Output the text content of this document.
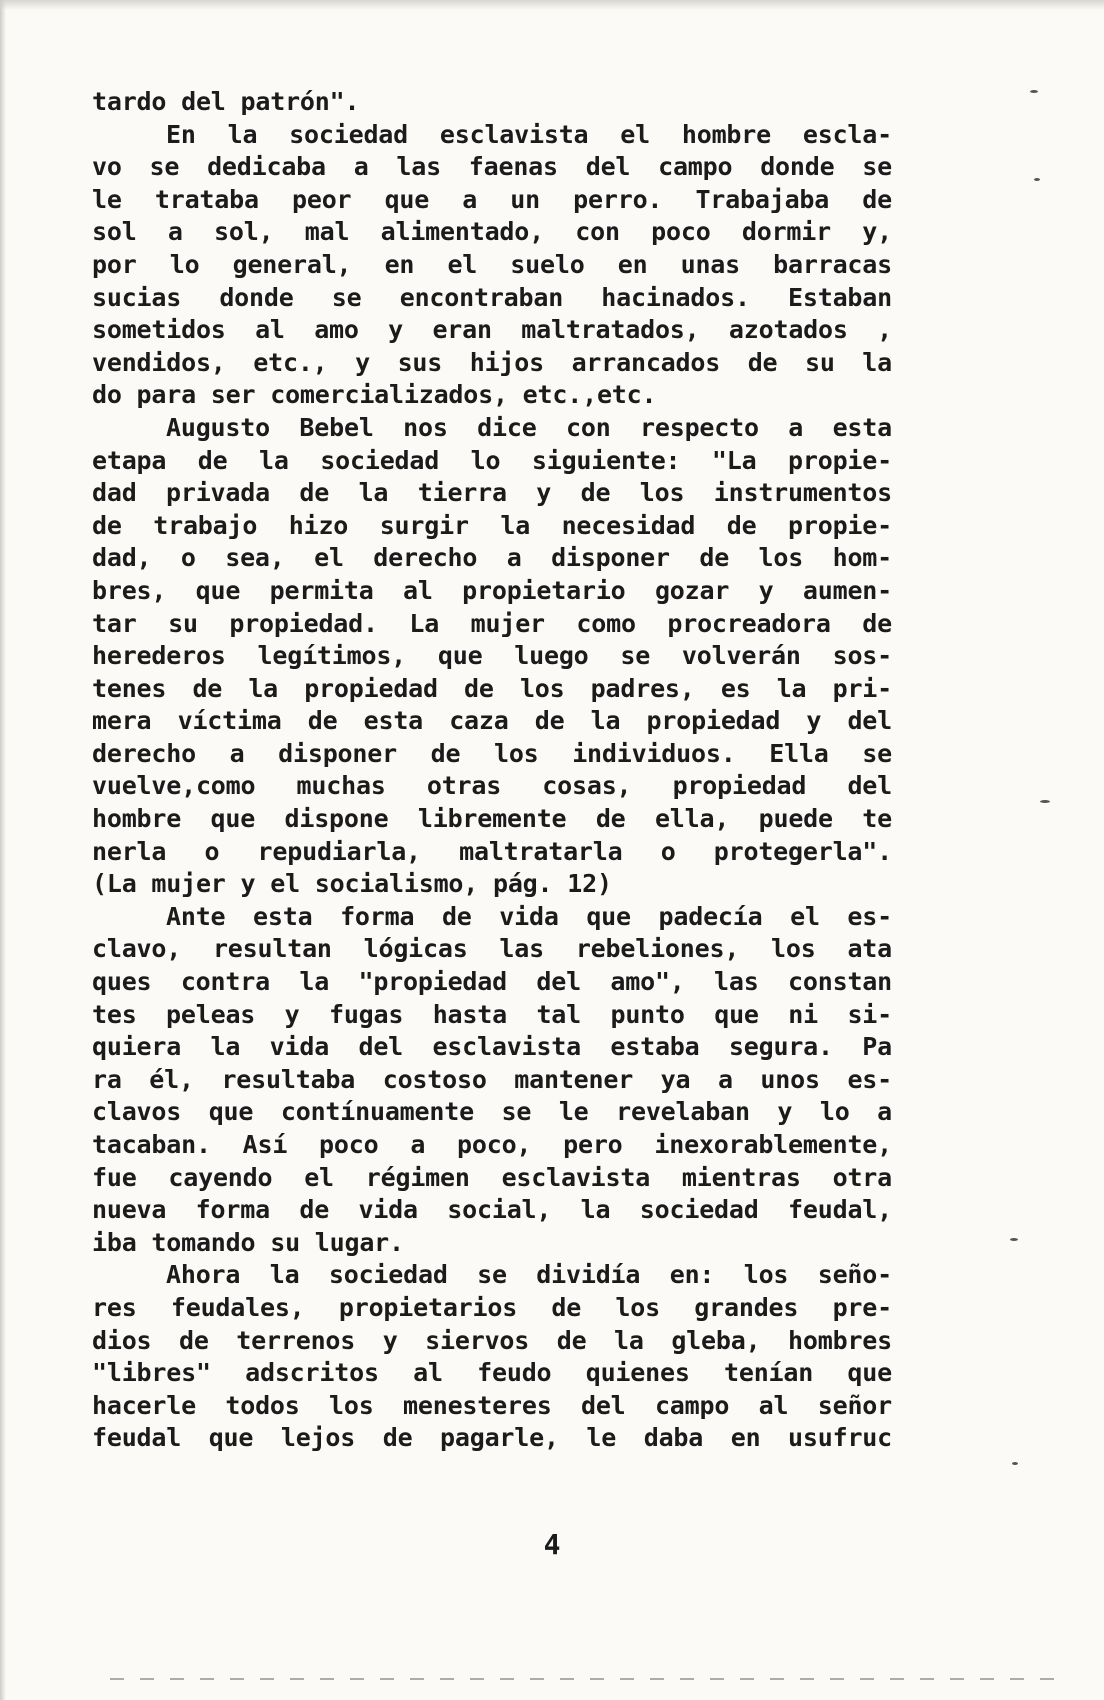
tardo del patrón".
En la sociedad esclavista el hombre escla-
vo se dedicaba a las faenas del campo donde se
le trataba peor que a un perro. Trabajaba de
sol a sol, mal alimentado, con poco dormir y,
por lo general, en el suelo en unas barracas
sucias donde se encontraban hacinados. Estaban
sometidos al amo y eran maltratados, azotados ,
vendidos, etc., y sus hijos arrancados de su la
do para ser comercializados, etc.,etc.
Augusto Bebel nos dice con respecto a esta
etapa de la sociedad lo siguiente: "La propie-
dad privada de la tierra y de los instrumentos
de trabajo hizo surgir la necesidad de propie-
dad, o sea, el derecho a disponer de los hom-
bres, que permita al propietario gozar y aumen-
tar su propiedad. La mujer como procreadora de
herederos legítimos, que luego se volverán sos-
tenes de la propiedad de los padres, es la pri-
mera víctima de esta caza de la propiedad y del
derecho a disponer de los individuos. Ella se
vuelve,como muchas otras cosas, propiedad del
hombre que dispone libremente de ella, puede te
nerla o repudiarla, maltratarla o protegerla".
(La mujer y el socialismo, pág. 12)
Ante esta forma de vida que padecía el es-
clavo, resultan lógicas las rebeliones, los ata
ques contra la "propiedad del amo", las constan
tes peleas y fugas hasta tal punto que ni si-
quiera la vida del esclavista estaba segura. Pa
ra él, resultaba costoso mantener ya a unos es-
clavos que contínuamente se le revelaban y lo a
tacaban. Así poco a poco, pero inexorablemente,
fue cayendo el régimen esclavista mientras otra
nueva forma de vida social, la sociedad feudal,
iba tomando su lugar.
Ahora la sociedad se dividía en: los seño-
res feudales, propietarios de los grandes pre-
dios de terrenos y siervos de la gleba, hombres
"libres" adscritos al feudo quienes tenían que
hacerle todos los menesteres del campo al señor
feudal que lejos de pagarle, le daba en usufruc
4
